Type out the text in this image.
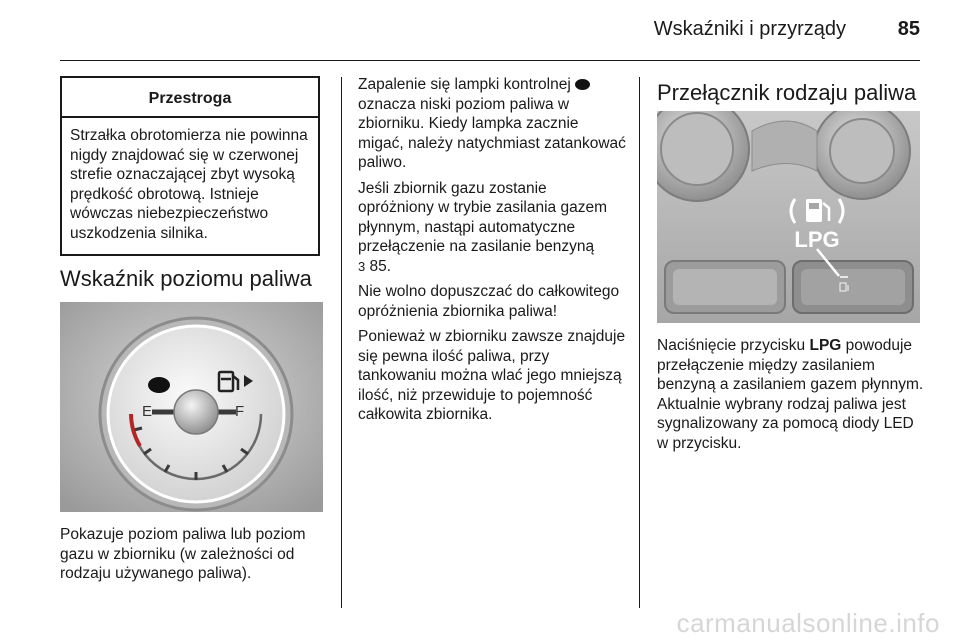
Wskaźniki i przyrządy	85
Przestroga
Strzałka obrotomierza nie powinna nigdy znajdować się w czerwonej strefie oznaczającej zbyt wysoką prędkość obrotową. Istnieje wówczas niebezpieczeństwo uszkodzenia silnika.
Wskaźnik poziomu paliwa
E	F
Pokazuje poziom paliwa lub poziom gazu w zbiorniku (w zależności od rodzaju używanego paliwa).

Zapalenie się lampki kontrolnej  oznacza niski poziom paliwa w zbiorniku. Kiedy lampka zacznie migać, należy natychmiast zatankować paliwo.

Jeśli zbiornik gazu zostanie opróżniony w trybie zasilania gazem płynnym, nastąpi automatyczne przełączenie na zasilanie benzyną
3 85.

Nie wolno dopuszczać do całkowitego opróżnienia zbiornika paliwa!

Ponieważ w zbiorniku zawsze znajduje się pewna ilość paliwa, przy tankowaniu można wlać jego mniejszą ilość, niż przewiduje to pojemność całkowita zbiornika.

Przełącznik rodzaju paliwa
LPG
Naciśnięcie przycisku LPG powoduje przełączenie między zasilaniem benzyną a zasilaniem gazem płynnym. Aktualnie wybrany rodzaj paliwa jest sygnalizowany za pomocą diody LED w przycisku.
carmanualsonline.info
